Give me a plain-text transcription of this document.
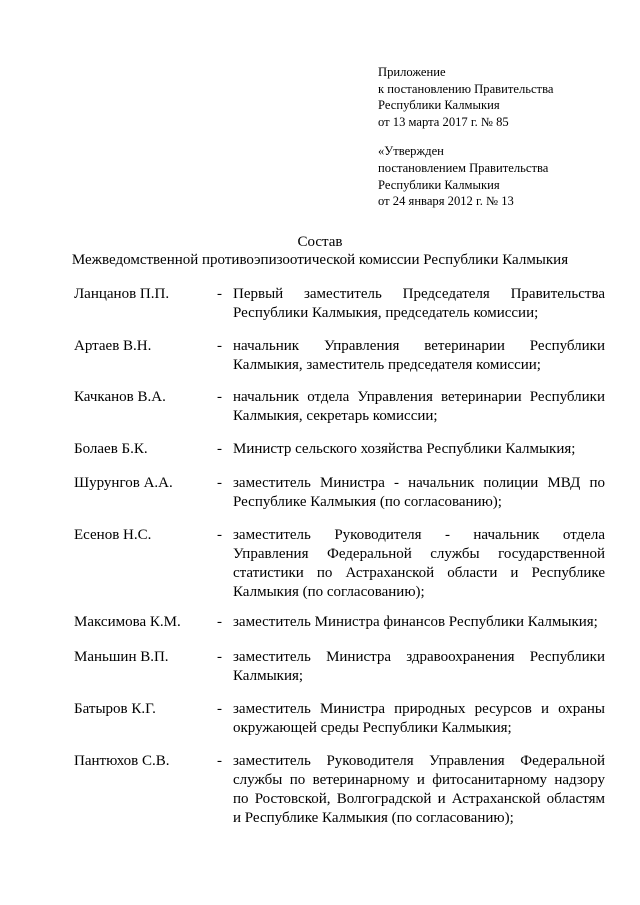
Приложение
к постановлению Правительства
Республики Калмыкия
от 13 марта 2017 г. № 85
«Утвержден
постановлением Правительства
Республики Калмыкия
от 24 января 2012 г. № 13
Состав
Межведомственной противоэпизоотической комиссии Республики Калмыкия
Ланцанов П.П.	- Первый заместитель Председателя Правительства
Республики Калмыкия, председатель комиссии;
Артаев В.Н.	- начальник Управления ветеринарии Республики
Калмыкия, заместитель председателя комиссии;
Качканов В.А.	- начальник отдела Управления ветеринарии Республики
Калмыкия, секретарь комиссии;
Болаев Б.К.	- Министр сельского хозяйства Республики Калмыкия;
Шурунгов А.А.	- заместитель Министра - начальник полиции МВД по
Республике Калмыкия (по согласованию);
Есенов Н.С.	- заместитель Руководителя - начальник отдела
Управления Федеральной службы государственной
статистики по Астраханской области и Республике
Калмыкия (по согласованию);
Максимова К.М. - заместитель Министра финансов Республики Калмыкия;
Маньшин В.П.	- заместитель Министра здравоохранения Республики
Калмыкия;
Батыров К.Г.	- заместитель Министра природных ресурсов и охраны
окружающей среды Республики Калмыкия;
Пантюхов С.В.	- заместитель Руководителя Управления Федеральной
службы по ветеринарному и фитосанитарному надзору
по Ростовской, Волгоградской и Астраханской областям
и Республике Калмыкия (по согласованию);
